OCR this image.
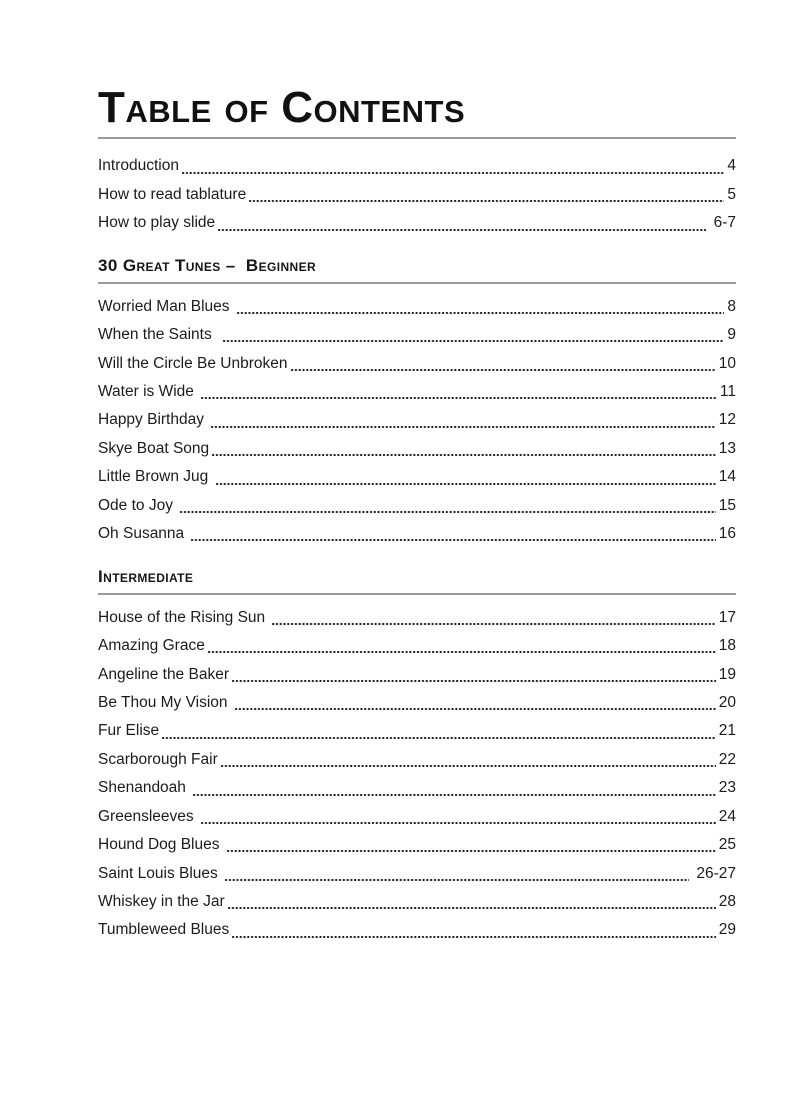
Table of Contents
Introduction	4
How to read tablature	5
How to play slide	6-7
30 Great Tunes –  Beginner
Worried Man Blues	8
When the Saints	9
Will the Circle Be Unbroken	10
Water is Wide	11
Happy Birthday	12
Skye Boat Song	13
Little Brown Jug	14
Ode to Joy	15
Oh Susanna	16
Intermediate
House of the Rising Sun	17
Amazing Grace	18
Angeline the Baker	19
Be Thou My Vision	20
Fur Elise	21
Scarborough Fair	22
Shenandoah	23
Greensleeves	24
Hound Dog Blues	25
Saint Louis Blues	26-27
Whiskey in the Jar	28
Tumbleweed Blues	29
